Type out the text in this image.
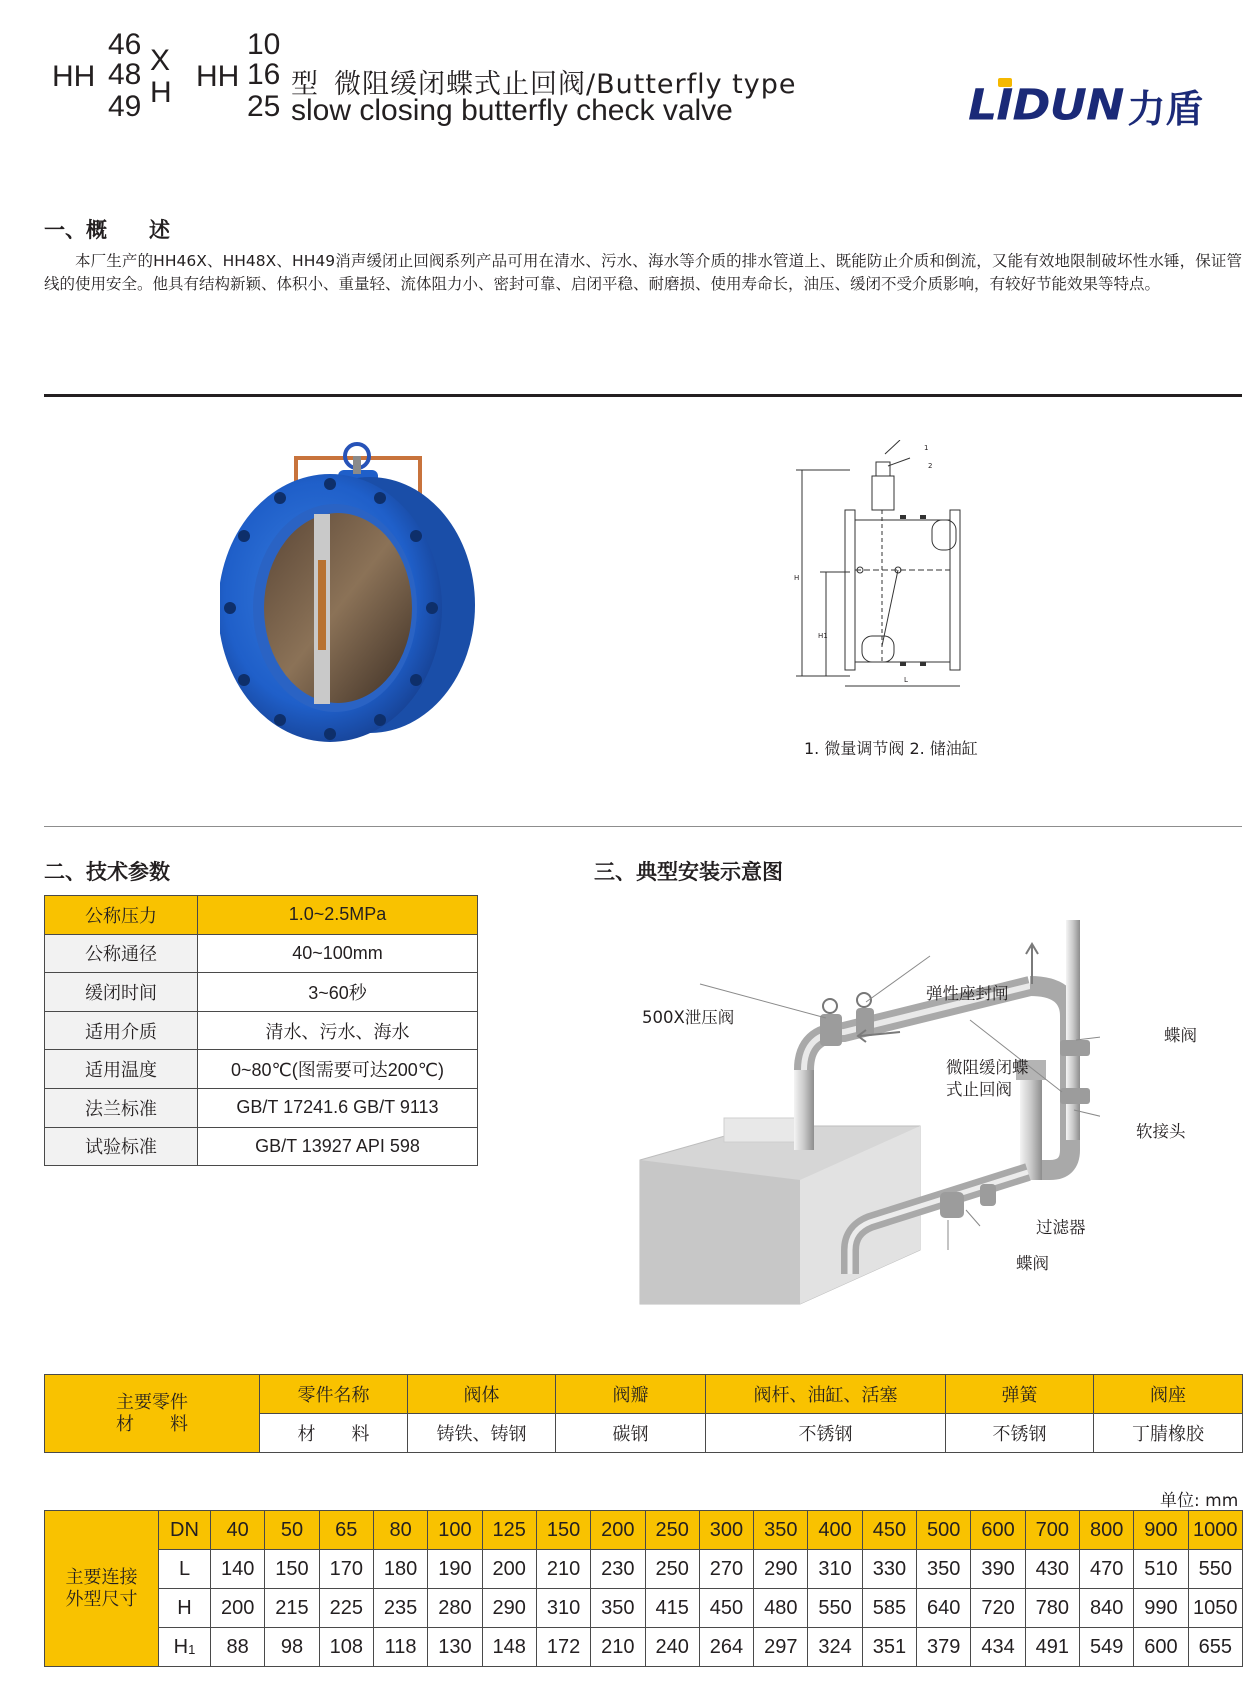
HH
46
48
49
X
H HH
10
16
25
型 微阻缓闭蝶式止回阀/Butterfly type
slow closing butterfly check valve	LIDUN 力盾
一、概　　述

本厂生产的HH46X、HH48X、HH49消声缓闭止回阀系列产品可用在清水、污水、海水等介质的排水管道上、既能防止介质和倒流，又能有效地限制破坏性水锤，保证管线的使用安全。他具有结构新颖、体积小、重量轻、流体阻力小、密封可靠、启闭平稳、耐磨损、使用寿命长，油压、缓闭不受介质影响，有较好节能效果等特点。

1
2
H
H1
L
1. 微量调节阀 2. 储油缸
二、技术参数
公称压力	1.0~2.5MPa
公称通径	40~100mm
缓闭时间	3~60秒
适用介质	清水、污水、海水
适用温度	0~80℃(图需要可达200℃)
法兰标准	GB/T 17241.6 GB/T 9113
试验标准	GB/T 13927 API 598
三、典型安装示意图
500X泄压阀
弹性座封闸
蝶阀
微阻缓闭蝶
式止回阀
软接头
过滤器
蝶阀
主要零件
材　　料	零件名称	阀体	阀瓣	阀杆、油缸、活塞	弹簧	阀座
	材　　料	铸铁、铸钢	碳钢	不锈钢	不锈钢	丁腈橡胶
单位: mm
主要连接
外型尺寸	DN	40	50	65	80	100	125	150	200	250	300	350	400	450	500	600	700	800	900	1000
	L	140	150	170	180	190	200	210	230	250	270	290	310	330	350	390	430	470	510	550
	H	200	215	225	235	280	290	310	350	415	450	480	550	585	640	720	780	840	990	1050
	$H_1$	88	98	108	118	130	148	172	210	240	264	297	324	351	379	434	491	549	600	655
